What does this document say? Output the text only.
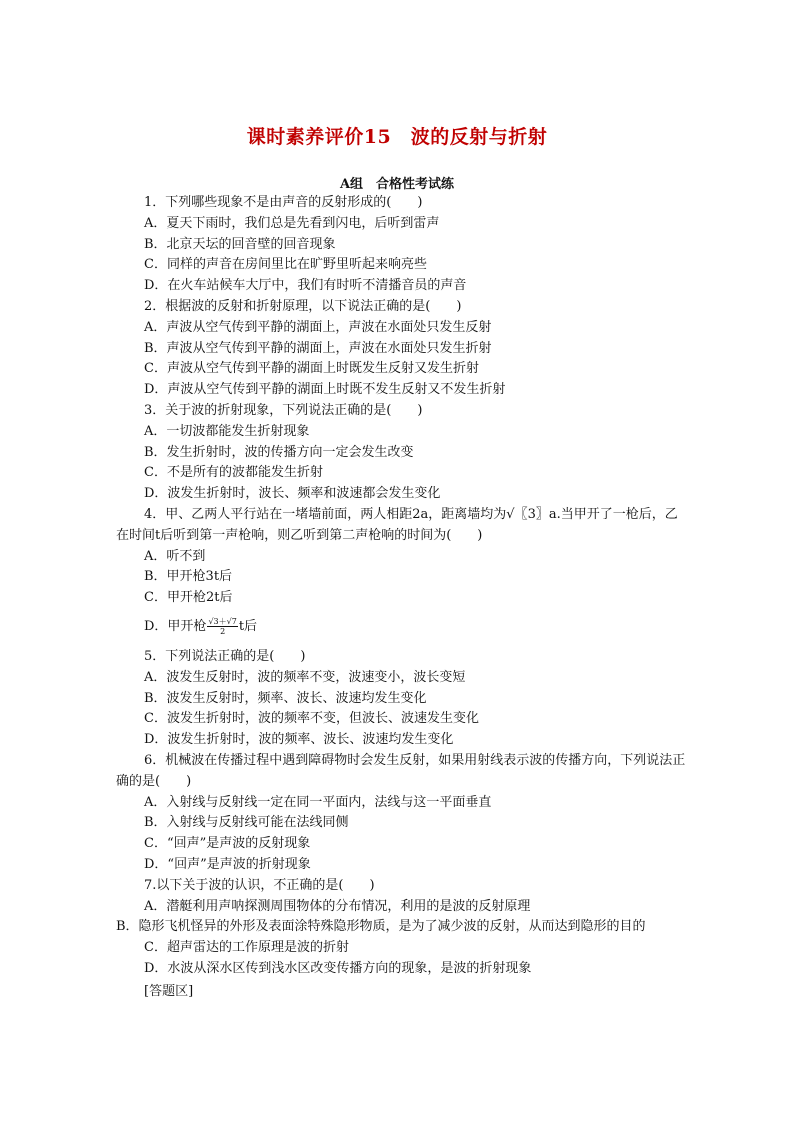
课时素养评价15　波的反射与折射
A组　合格性考试练
1．下列哪些现象不是由声音的反射形成的(　　)
A．夏天下雨时，我们总是先看到闪电，后听到雷声
B．北京天坛的回音壁的回音现象
C．同样的声音在房间里比在旷野里听起来响亮些
D．在火车站候车大厅中，我们有时听不清播音员的声音
2．根据波的反射和折射原理，以下说法正确的是(　　)
A．声波从空气传到平静的湖面上，声波在水面处只发生反射
B．声波从空气传到平静的湖面上，声波在水面处只发生折射
C．声波从空气传到平静的湖面上时既发生反射又发生折射
D．声波从空气传到平静的湖面上时既不发生反射又不发生折射
3．关于波的折射现象，下列说法正确的是(　　)
A．一切波都能发生折射现象
B．发生折射时，波的传播方向一定会发生改变
C．不是所有的波都能发生折射
D．波发生折射时，波长、频率和波速都会发生变化
4．甲、乙两人平行站在一堵墙前面，两人相距2a，距离墙均为√〖3〗a.当甲开了一枪后，乙在时间t后听到第一声枪响，则乙听到第二声枪响的时间为(　　)
A．听不到
B．甲开枪3t后
C．甲开枪2t后
D．甲开枪 $\frac{√3+√7}{2}$ t后
5．下列说法正确的是(　　)
A．波发生反射时，波的频率不变，波速变小，波长变短
B．波发生反射时，频率、波长、波速均发生变化
C．波发生折射时，波的频率不变，但波长、波速发生变化
D．波发生折射时，波的频率、波长、波速均发生变化
6．机械波在传播过程中遇到障碍物时会发生反射，如果用射线表示波的传播方向，下列说法正确的是(　　)
A．入射线与反射线一定在同一平面内，法线与这一平面垂直
B．入射线与反射线可能在法线同侧
C．“回声”是声波的反射现象
D．“回声”是声波的折射现象
7.以下关于波的认识，不正确的是(　　)
A．潜艇利用声呐探测周围物体的分布情况，利用的是波的反射原理
B．隐形飞机怪异的外形及表面涂特殊隐形物质，是为了减少波的反射，从而达到隐形的目的
C．超声雷达的工作原理是波的折射
D．水波从深水区传到浅水区改变传播方向的现象，是波的折射现象
[答题区]
